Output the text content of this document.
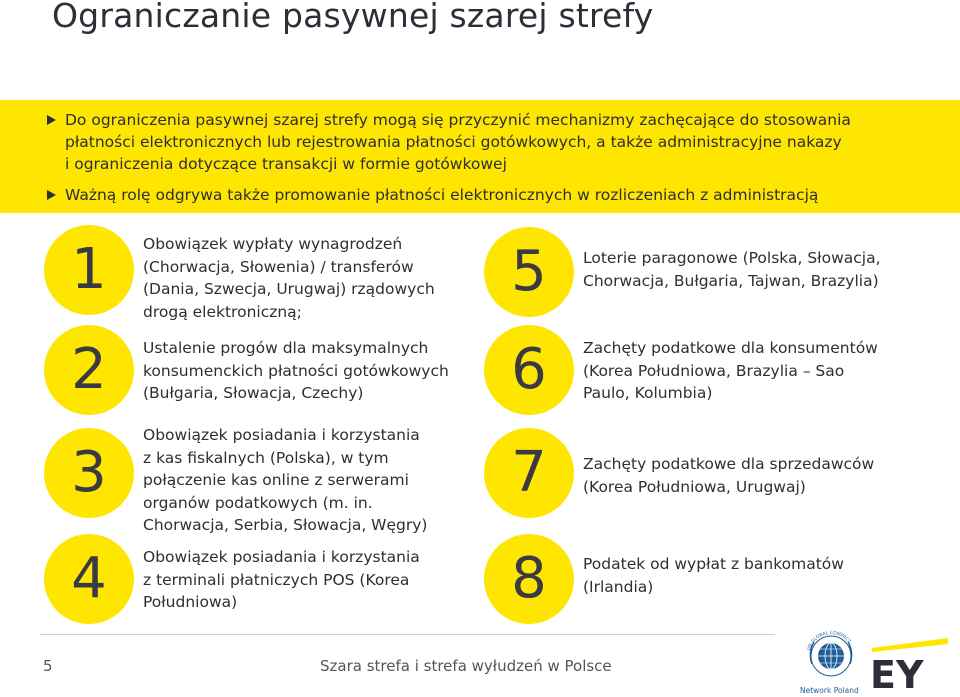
Ograniczanie pasywnej szarej strefy
Do ograniczenia pasywnej szarej strefy mogą się przyczynić mechanizmy zachęcające do stosowania
płatności elektronicznych lub rejestrowania płatności gotówkowych, a także administracyjne nakazy
i ograniczenia dotyczące transakcji w formie gotówkowej
Ważną rolę odgrywa także promowanie płatności elektronicznych w rozliczeniach z administracją
1	Obowiązek wypłaty wynagrodzeń
(Chorwacja, Słowenia) / transferów
(Dania, Szwecja, Urugwaj) rządowych
drogą elektroniczną;
2	Ustalenie progów dla maksymalnych
konsumenckich płatności gotówkowych
(Bułgaria, Słowacja, Czechy)
3
Obowiązek posiadania i korzystania
z kas fiskalnych (Polska), w tym
połączenie kas online z serwerami
organów podatkowych (m. in.
Chorwacja, Serbia, Słowacja, Węgry)
4	Obowiązek posiadania i korzystania
z terminali płatniczych POS (Korea
Południowa)
5	Loterie paragonowe (Polska, Słowacja,
Chorwacja, Bułgaria, Tajwan, Brazylia)
6	Zachęty podatkowe dla konsumentów
(Korea Południowa, Brazylia – Sao
Paulo, Kolumbia)
7	Zachęty podatkowe dla sprzedawców
(Korea Południowa, Urugwaj)
8	Podatek od wypłat z bankomatów
(Irlandia)
5	Szara strefa i strefa wyłudzeń w Polsce
UN GLOBAL COMPACT
Network Poland EY
